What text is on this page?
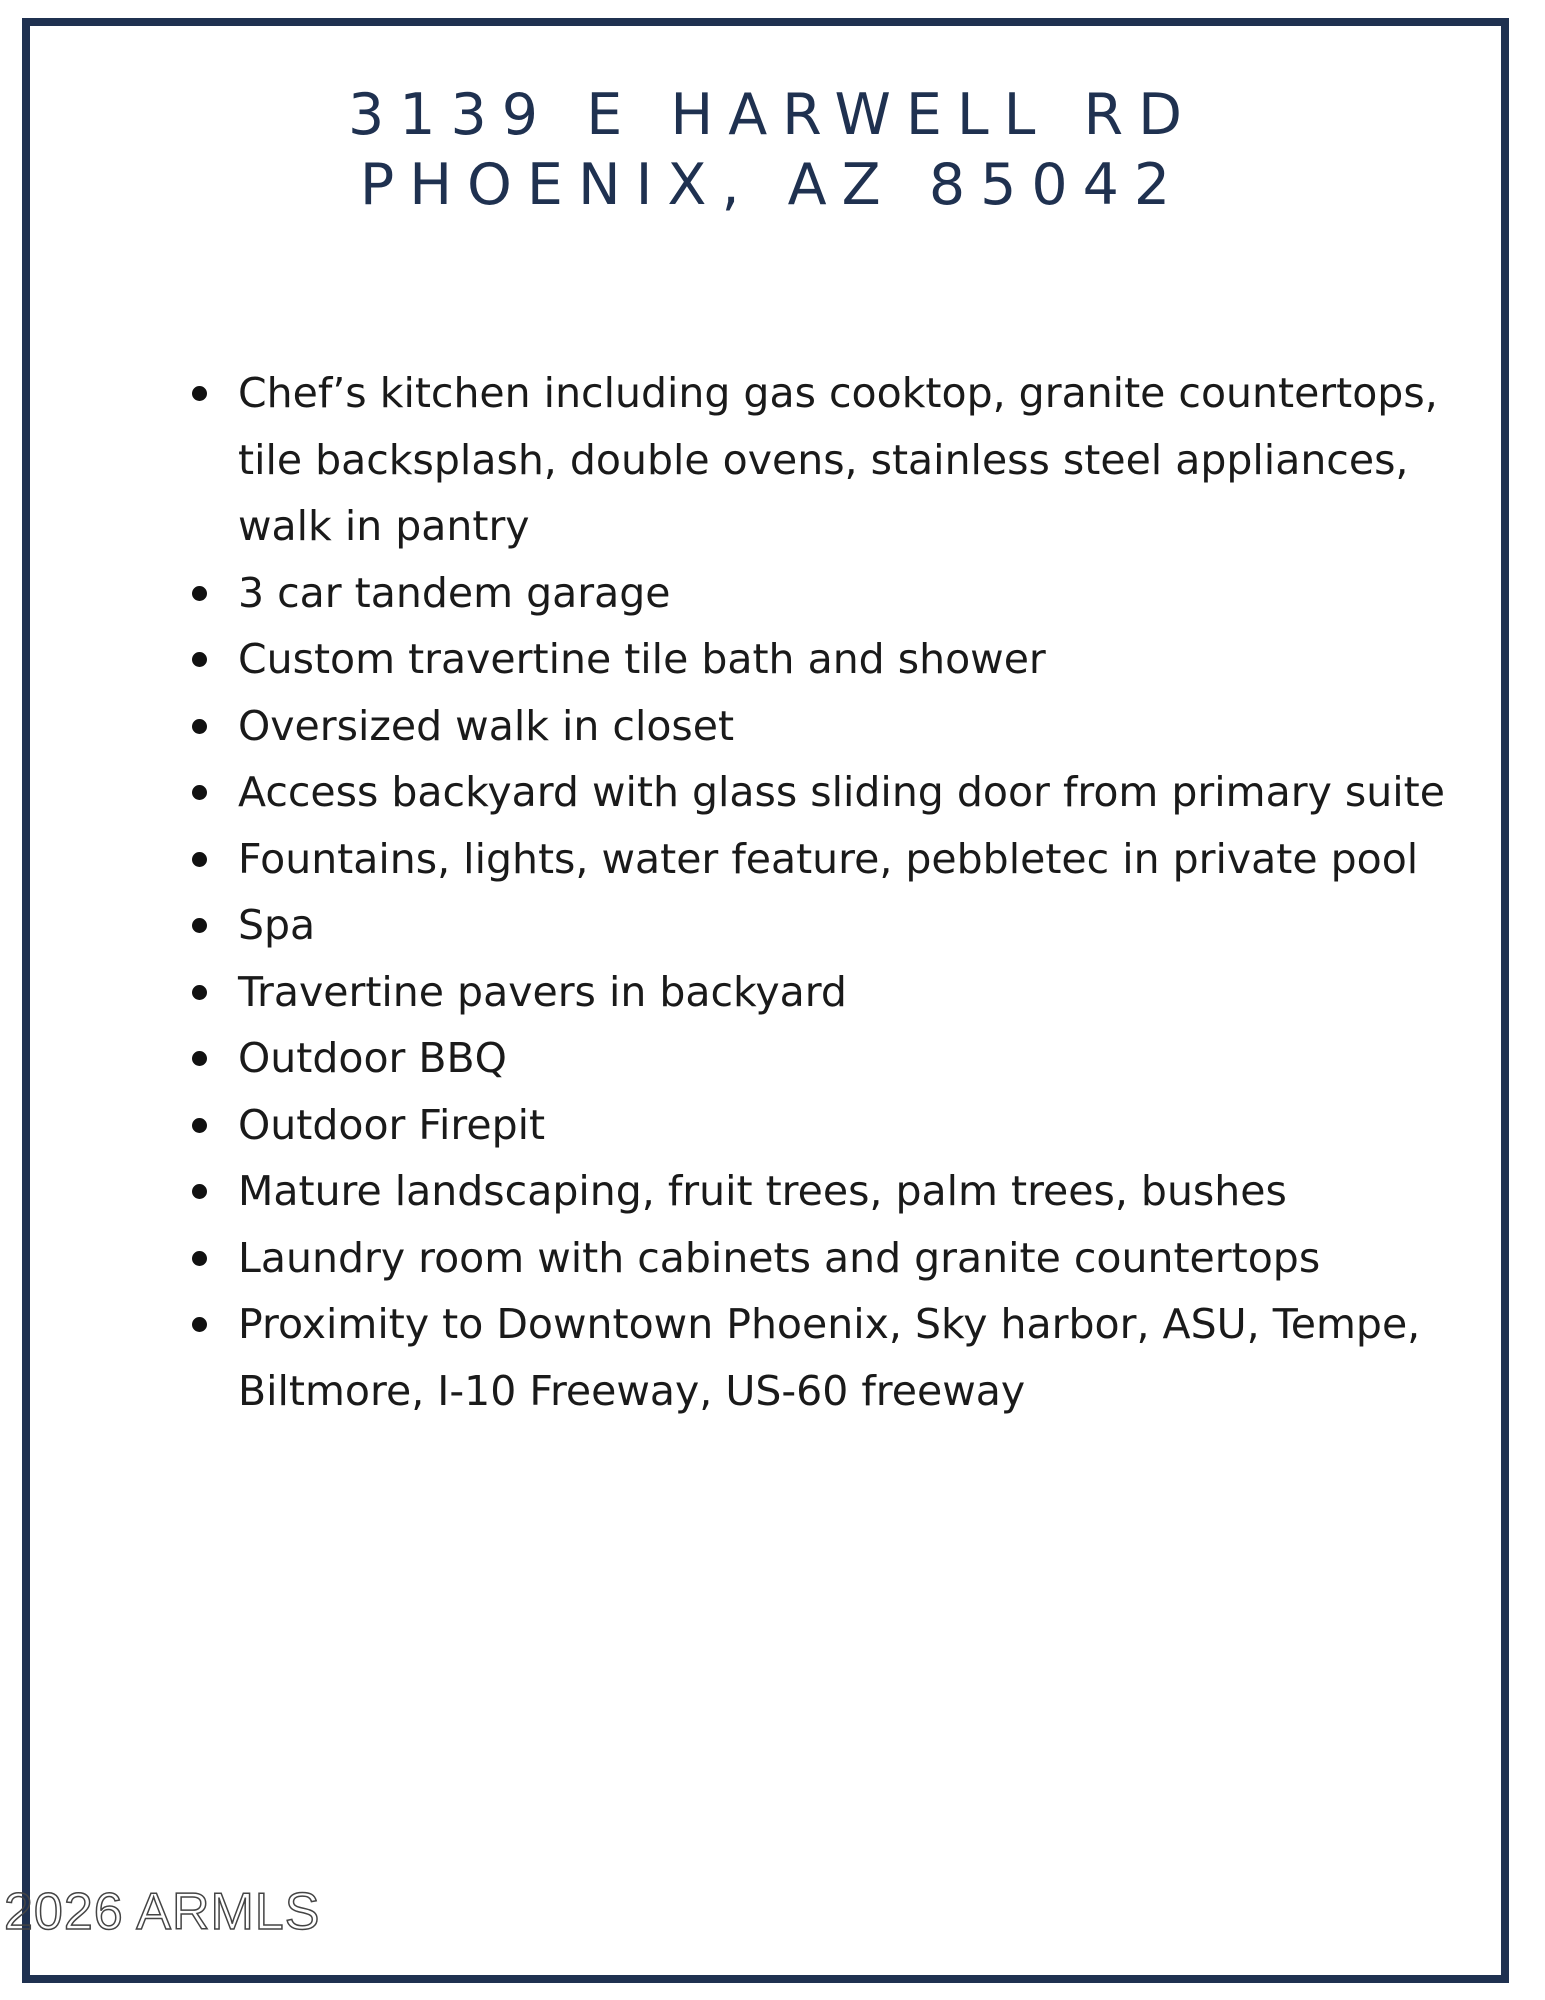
3139 E HARWELL RD
PHOENIX, AZ 85042
Chef’s kitchen including gas cooktop, granite countertops, tile backsplash, double ovens, stainless steel appliances, walk in pantry
3 car tandem garage
Custom travertine tile bath and shower
Oversized walk in closet
Access backyard with glass sliding door from primary suite
Fountains, lights, water feature, pebbletec in private pool
Spa
Travertine pavers in backyard
Outdoor BBQ
Outdoor Firepit
Mature landscaping, fruit trees, palm trees, bushes
Laundry room with cabinets and granite countertops
Proximity to Downtown Phoenix, Sky harbor, ASU, Tempe, Biltmore, I-10 Freeway, US-60 freeway
2026 ARMLS
